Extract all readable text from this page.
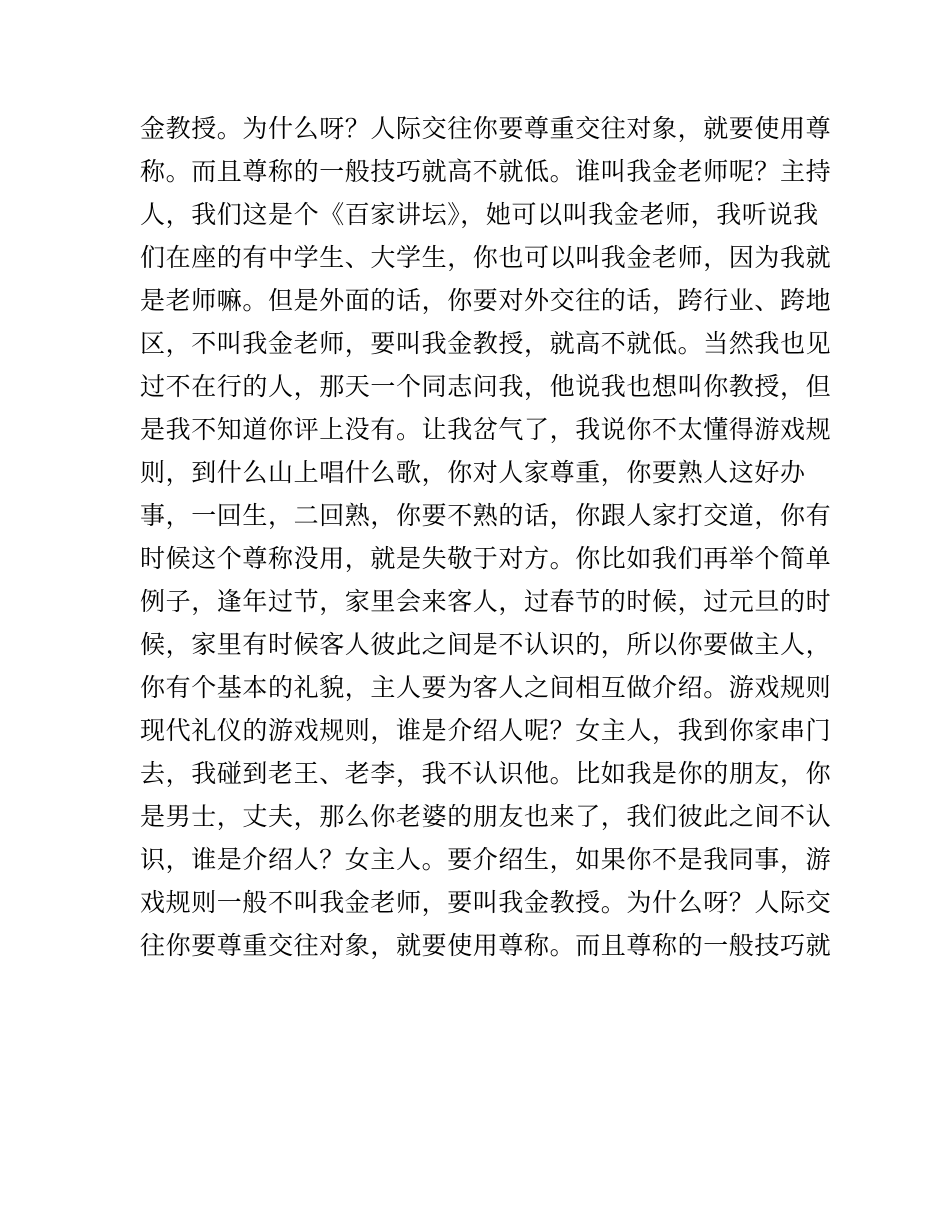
金教授。为什么呀？人际交往你要尊重交往对象，就要使用尊
称。而且尊称的一般技巧就高不就低。谁叫我金老师呢？主持
人，我们这是个《百家讲坛》，她可以叫我金老师，我听说我
们在座的有中学生、大学生，你也可以叫我金老师，因为我就
是老师嘛。但是外面的话，你要对外交往的话，跨行业、跨地
区，不叫我金老师，要叫我金教授，就高不就低。当然我也见
过不在行的人，那天一个同志问我，他说我也想叫你教授，但
是我不知道你评上没有。让我岔气了，我说你不太懂得游戏规
则，到什么山上唱什么歌，你对人家尊重，你要熟人这好办
事，一回生，二回熟，你要不熟的话，你跟人家打交道，你有
时候这个尊称没用，就是失敬于对方。你比如我们再举个简单
例子，逢年过节，家里会来客人，过春节的时候，过元旦的时
候，家里有时候客人彼此之间是不认识的，所以你要做主人，
你有个基本的礼貌，主人要为客人之间相互做介绍。游戏规则
现代礼仪的游戏规则，谁是介绍人呢？女主人，我到你家串门
去，我碰到老王、老李，我不认识他。比如我是你的朋友，你
是男士，丈夫，那么你老婆的朋友也来了，我们彼此之间不认
识，谁是介绍人？女主人。要介绍生，如果你不是我同事，游
戏规则一般不叫我金老师，要叫我金教授。为什么呀？人际交
往你要尊重交往对象，就要使用尊称。而且尊称的一般技巧就
